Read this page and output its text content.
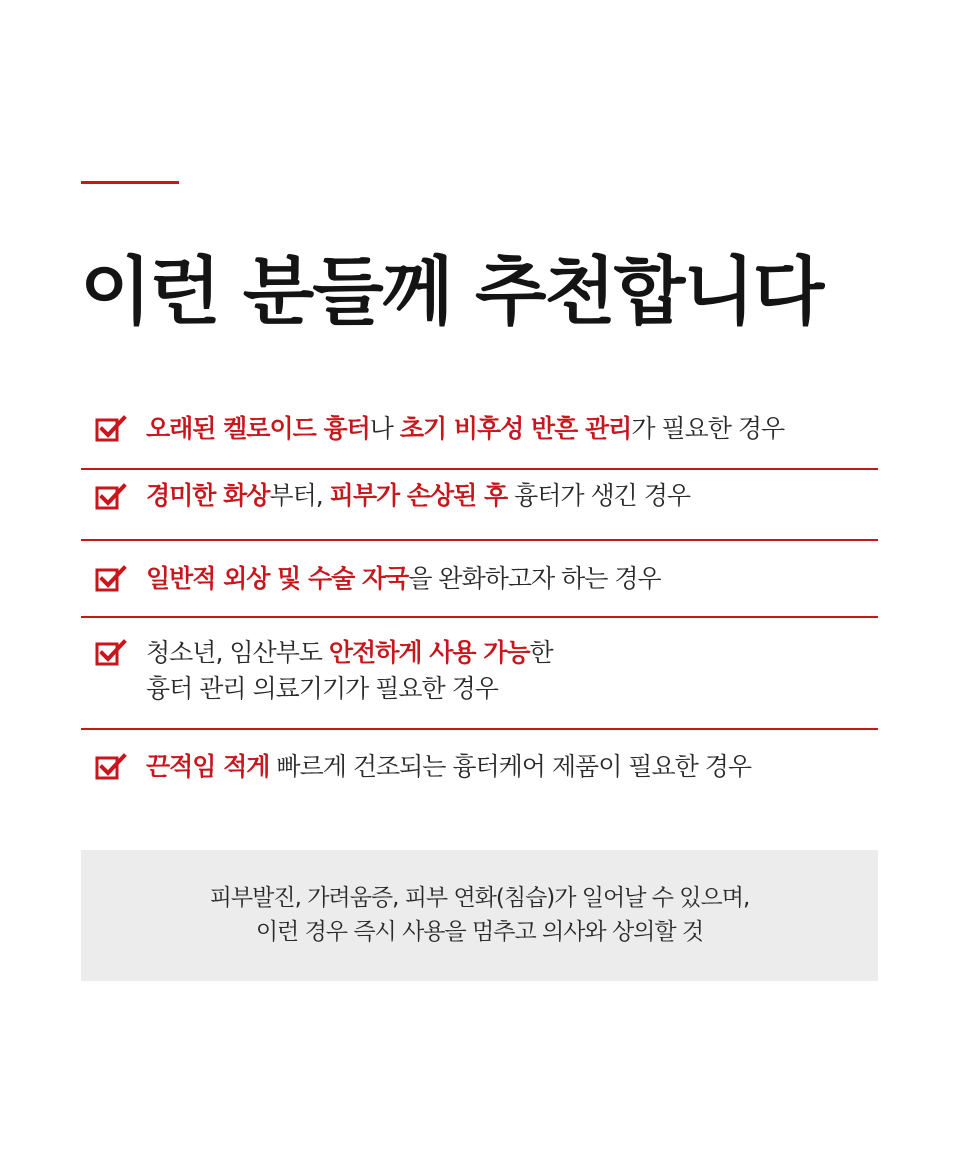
이런 분들께 추천합니다
오래된 켈로이드 흉터나 초기 비후성 반흔 관리가 필요한 경우
경미한 화상부터, 피부가 손상된 후 흉터가 생긴 경우
일반적 외상 및 수술 자국을 완화하고자 하는 경우
청소년, 임산부도 안전하게 사용 가능한
흉터 관리 의료기기가 필요한 경우
끈적임 적게 빠르게 건조되는 흉터케어 제품이 필요한 경우
피부발진, 가려움증, 피부 연화(침습)가 일어날 수 있으며,
이런 경우 즉시 사용을 멈추고 의사와 상의할 것
